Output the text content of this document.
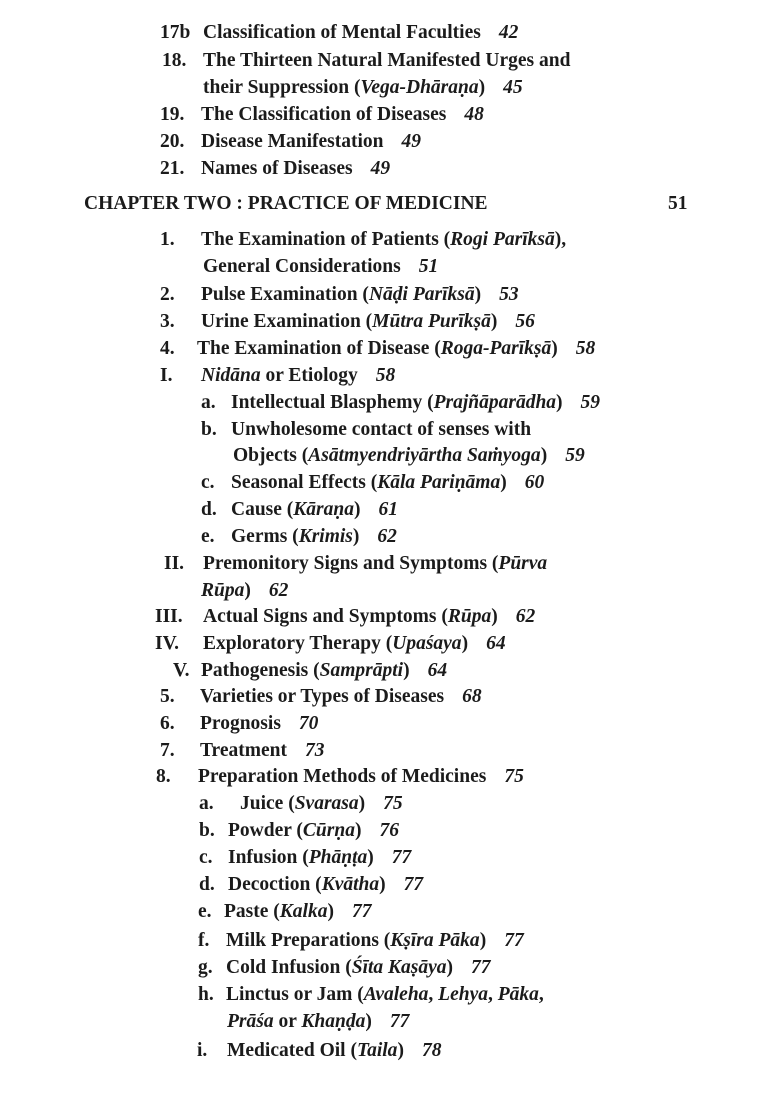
CHAPTER TWO : PRACTICE OF MEDICINE	51
17b Classification of Mental Faculties 42
18. The Thirteen Natural Manifested Urges and
their Suppression (Vega-Dhāraṇa) 45
19. The Classification of Diseases 48
20. Disease Manifestation 49
21. Names of Diseases 49
1. The Examination of Patients (Rogi Parīksā),
General Considerations 51
2. Pulse Examination (Nāḍi Parīksā) 53
3. Urine Examination (Mūtra Purīkṣā) 56
4. The Examination of Disease (Roga-Parīkṣā) 58
I. Nidāna or Etiology 58
a. Intellectual Blasphemy (Prajñāparādha) 59
b. Unwholesome contact of senses with
Objects (Asātmyendriyārtha Saṁyoga) 59
c. Seasonal Effects (Kāla Pariṇāma) 60
d. Cause (Kāraṇa) 61
e. Germs (Krimis) 62
II. Premonitory Signs and Symptoms (Pūrva
Rūpa) 62
III. Actual Signs and Symptoms (Rūpa) 62
IV. Exploratory Therapy (Upaśaya) 64
V. Pathogenesis (Samprāpti) 64
5. Varieties or Types of Diseases 68
6. Prognosis 70
7. Treatment 73
8. Preparation Methods of Medicines 75
a. Juice (Svarasa) 75
b. Powder (Cūrṇa) 76
c. Infusion (Phāṇṭa) 77
d. Decoction (Kvātha) 77
e. Paste (Kalka) 77
f. Milk Preparations (Kṣīra Pāka) 77
g. Cold Infusion (Śīta Kaṣāya) 77
h. Linctus or Jam (Avaleha, Lehya, Pāka,
Prāśa or Khaṇḍa) 77
i. Medicated Oil (Taila) 78
